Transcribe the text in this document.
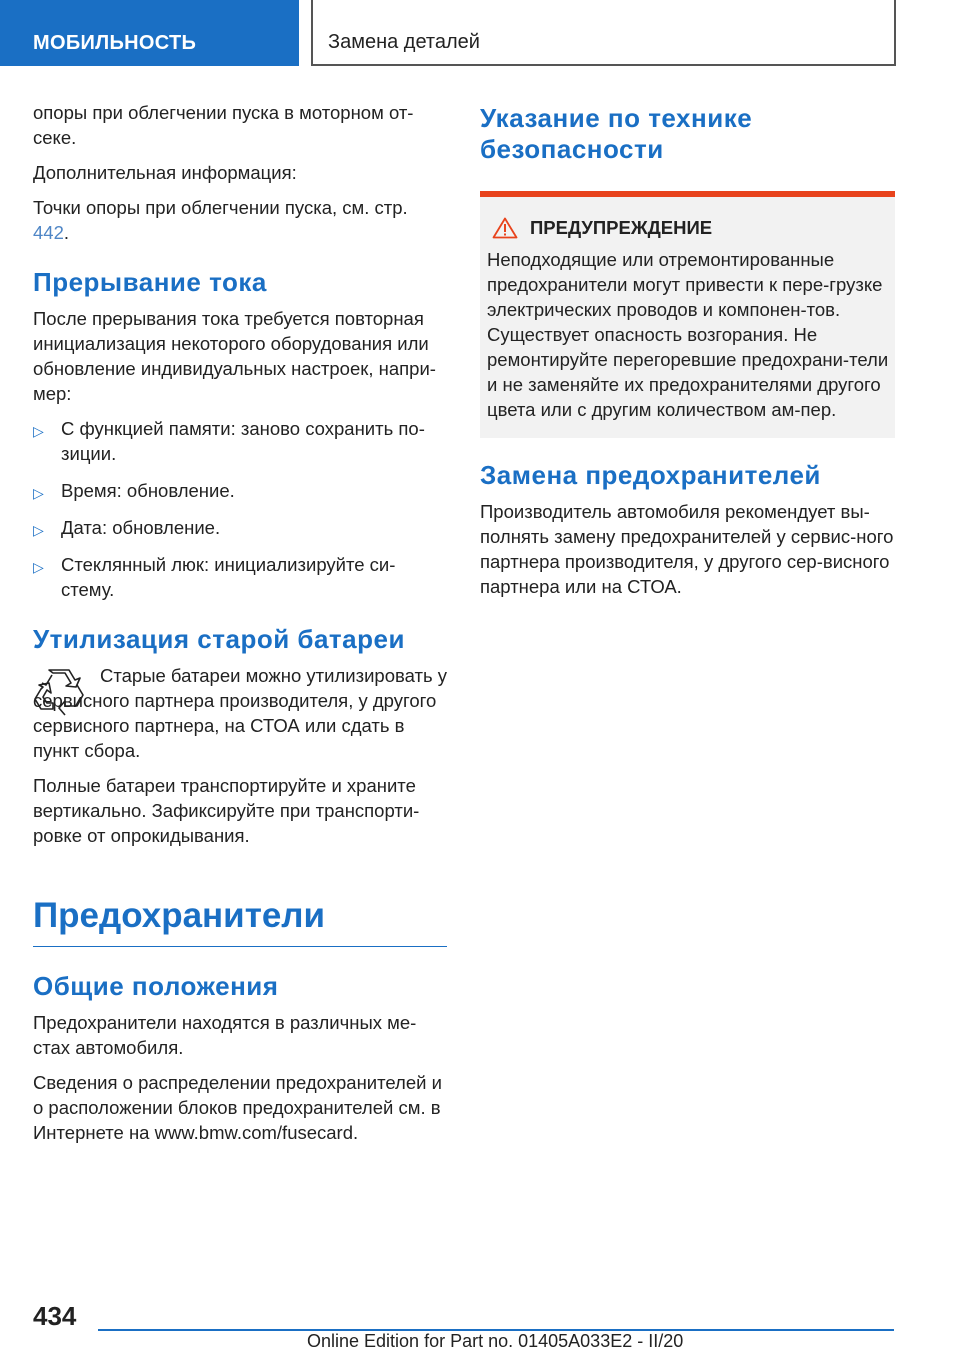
МОБИЛЬНОСТЬ	Замена деталей

опоры при облегчении пуска в моторном от-секе.

Дополнительная информация:

Точки опоры при облегчении пуска, см. стр. 442.

Прерывание тока

После прерывания тока требуется повторная инициализация некоторого оборудования или обновление индивидуальных настроек, напри-мер:

▷ С функцией памяти: заново сохранить по-зиции.
▷ Время: обновление.
▷ Дата: обновление.
▷ Стеклянный люк: инициализируйте си-стему.
Утилизация старой батареи

Старые батареи можно утилизировать у сервисного партнера производителя, у другого сервисного партнера, на СТОА или сдать в пункт сбора.

Полные батареи транспортируйте и храните вертикально. Зафиксируйте при транспорти-ровке от опрокидывания.

Предохранители
Общие положения

Предохранители находятся в различных ме-стах автомобиля.

Сведения о распределении предохранителей и о расположении блоков предохранителей см. в Интернете на www.bmw.com/fusecard.

Указание по технике безопасности
ПРЕДУПРЕЖДЕНИЕ

Неподходящие или отремонтированные предохранители могут привести к пере-грузке электрических проводов и компонен-тов. Существует опасность возгорания. Не ремонтируйте перегоревшие предохрани-тели и не заменяйте их предохранителями другого цвета или с другим количеством ам-пер.

Замена предохранителей

Производитель автомобиля рекомендует вы-полнять замену предохранителей у сервис-ного партнера производителя, у другого сер-висного партнера или на СТОА.

434
Online Edition for Part no. 01405A033E2 - II/20
